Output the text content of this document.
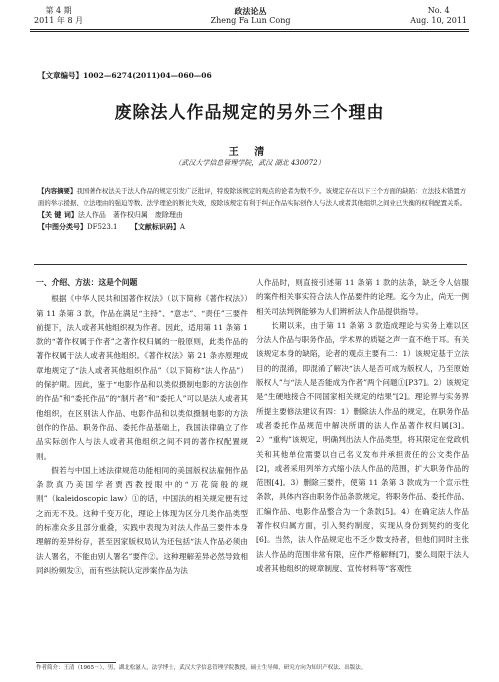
第 4 期
2011 年 8 月
政法论丛
Zheng Fa Lun Cong
No. 4
Aug. 10, 2011
【文章编号】1002—6274(2011)04—060—06
废除法人作品规定的另外三个理由
王 清
（武汉大学信息管理学院，武汉 湖北 430072）
【内容摘要】我国著作权法关于法人作品的规定引发广泛批评，特废除该规定的观点的论者为数不少。该规定存在以下三个方面的缺陷：立法技术错置方面的举示援据、立法理由的强迫等数、法学理论的断比失效，废除该规定有利于纠正作品实际创作人与法人或者其他组织之间业已失衡的权利配置关系。
【关 键 词】法人作品　著作权归属　废除理由
【中图分类号】DF523.1 【文献标识码】A
一、介绍、方法：这是个问题

根据《中华人民共和国著作权法》（以下简称《著作权法》）第 11 条第 3 款，作品在满足“主持”、“意志”、“责任”三要件前提下，法人或者其他组织视为作者。因此，适用第 11 条第 1 款的“著作权属于作者”之著作权归属的一般原则，此类作品的著作权属于法人或者其他组织。《著作权法》第 21 条亦原理成章地规定了“法人或者其他组织作品”（以下简称“法人作品”）的保护期。因此，鉴于“电影作品和以类似摄制电影的方法创作的作品”和“委托作品”的“制片者”和“委托人”可以是法人或者其他组织，在区别法人作品、电影作品和以类似摄制电影的方法创作的作品、职务作品、委托作品基础上，我国法律确立了作品实际创作人与法人或者其他组织之间不同的著作权配置规则。

假若与中国上述法律规范功能相同的美国版权法雇佣作品条款真乃美国学者贾西教授眼中的“万花筒般的规则”（kaleidoscopic law）①的话，中国法的相关规定便有过之而无不及。这种千变万化，理论上体现为区分几类作品类型的标准众多且部分重叠，实践中表现为对法人作品三要件本身理解的差异纷存，甚至因家版权局认为还包括“法人作品必须由法人署名，不能由别人署名”要件②。这种理解差异必然导致相同纠纷频发③，而有些法院认定涉案作品为法

人作品时，则直接引述第 11 条第 1 款的法条，缺乏令人信服的案件相关事实符合法人作品要件的论理。迄今为止，尚无一例相关司法判例能够为人们辨析法人作品提供指导。

长期以来，由于第 11 条第 3 款造成理论与实务上难以区分法人作品与职务作品，学术界的质疑之声一直不绝于耳。有关该规定本身的缺陷，论者的观点主要有二：1）该规定基于立法目的的混淆，即混淆了解决“法人是否可成为版权人，乃至原始版权人”与“法人是否能成为作者”两个问题①[P37]。2）该规定是“生硬地接合不同国家相关规定的结果”[2]。理论界与实务界所提主要修法建议有四：1）删除法人作品的规定，在职务作品或者委托作品规范中解决所谓的法人作品著作权归属[3]。2）“重构”该规定，明确判出法人作品类型，将其限定在党政机关和其他单位需要以自己名义发布并承担责任的公文类作品[2]，或者采用列举方式缩小法人作品的范围，扩大职务作品的范围[4]。3）删除三要件，使第 11 条第 3 款成为一个宣示性条款，具体内容由职务作品条款规定，将职务作品、委托作品、汇编作品、电影作品整合为一个条款[5]。4）在确定法人作品著作权归属方面，引入契约制度，实现从身份到契约的变化[6]。当然，法人作品规定也不乏少数支持者，但他们同时主张法人作品的范围非常有限，应作严格解释[7]，要么局限于法人或者其他组织的规章制度、宣传材料等“客观性

作者简介：王清（1965－），男，湖北松滋人，法学博士，武汉大学信息管理学院教授，硕士生导师，研究方向为知识产权法、出版法。
